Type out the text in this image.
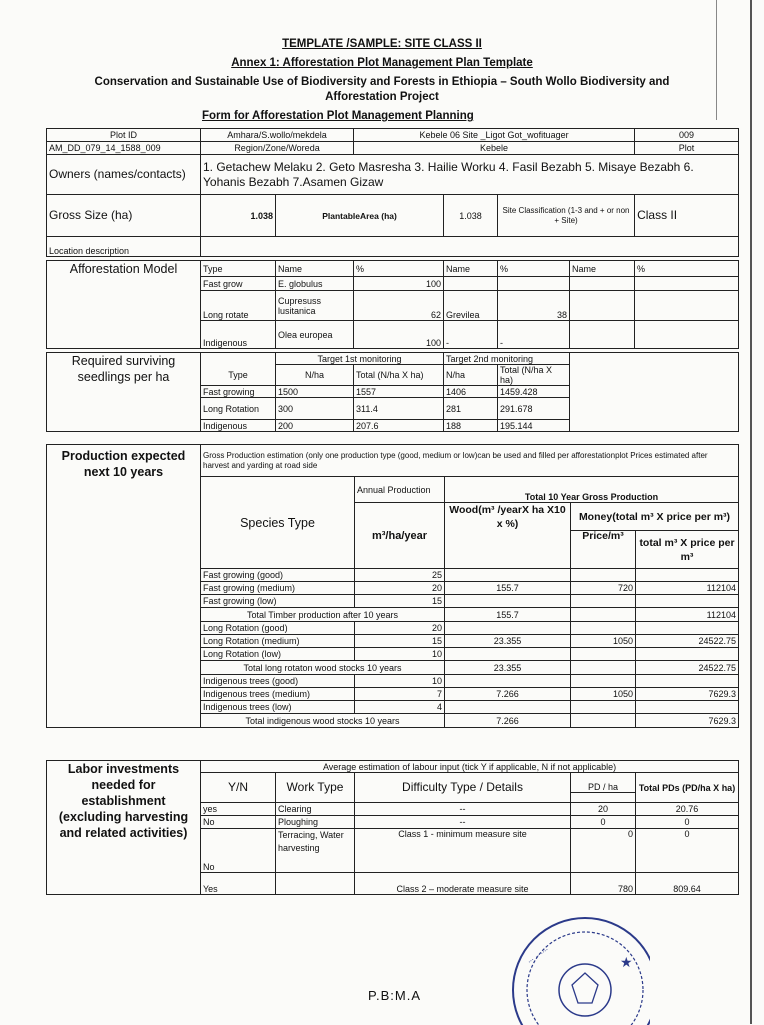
TEMPLATE /SAMPLE: SITE CLASS II
Annex 1: Afforestation Plot Management Plan Template
Conservation and Sustainable Use of Biodiversity and Forests in Ethiopia – South Wollo Biodiversity and
Afforestation Project
Form for Afforestation Plot Management Planning
Plot ID	Amhara/S.wollo/mekdela		Kebele 06 Site _Ligot Got_wofituager			009
AM_DD_079_14_1588_009	Region/Zone/Woreda		Kebele			Plot
Owners (names/contacts)	1. Getachew Melaku 2. Geto Masresha 3. Hailie Worku 4. Fasil Bezabh 5. Misaye Bezabh 6. Yohanis Bezabh 7.Asamen Gizaw					
Gross Size (ha)	1.038	PlantableArea (ha)		1.038	Site Classification (1-3 and + or non + Site)	Class II
Location description						
Afforestation Model	Type	Name	%	Name	%	Name	%
	Fast grow	E. globulus	100				
	Long rotate	Cupresuss lusitanica	62	Grevilea	38		
	Indigenous	Olea europea	100	-	-		
Required surviving seedlings per ha		Target 1st monitoring		Target 2nd monitoring		
	Type	N/ha	Total (N/ha X ha)	N/ha	Total (N/ha X ha)	
	Fast growing	1500	1557	1406	1459.428	
	Long Rotation	300	311.4	281	291.678	
	Indigenous	200	207.6	188	195.144	
Production expected next 10 years	Gross Production estimation (only one production type (good, medium or low)can be used and filled per afforestationplot Prices estimated after harvest and yarding at road side				
	Species Type	Annual Production	Total 10 Year Gross Production		
		m³/ha/year	Wood(m³ /yearX ha X10 x %)	Money(total m³ X price per m³)	
				Price/m³	total m³ X price per m³
	Fast growing (good)	25			
	Fast growing (medium)	20	155.7	720	112104
	Fast growing (low)	15			
	Total Timber production after 10 years		155.7		112104
	Long Rotation (good)	20			
	Long Rotation (medium)	15	23.355	1050	24522.75
	Long Rotation (low)	10			
	Total long rotaton wood stocks 10 years		23.355		24522.75
	Indigenous trees (good)	10			
	Indigenous trees (medium)	7	7.266	1050	7629.3
	Indigenous trees (low)	4			
	Total indigenous wood stocks 10 years		7.266		7629.3
Labor investments needed for establishment (excluding harvesting and related activities)	Average estimation of labour input (tick Y if applicable, N if not applicable)				
	Y/N	Work Type	Difficulty Type / Details	PD / ha	Total PDs (PD/ha X ha)

	yes	Clearing	--	20	20.76
	No	Ploughing	--	0	0
	No	Terracing, Water harvesting	Class 1 - minimum measure site	0	0
	Yes		Class 2 – moderate measure site	780	809.64
P.B:M.A
★
ᐧᐧᐧ ᐧᐧ ᐧᐧᐧᐧ
